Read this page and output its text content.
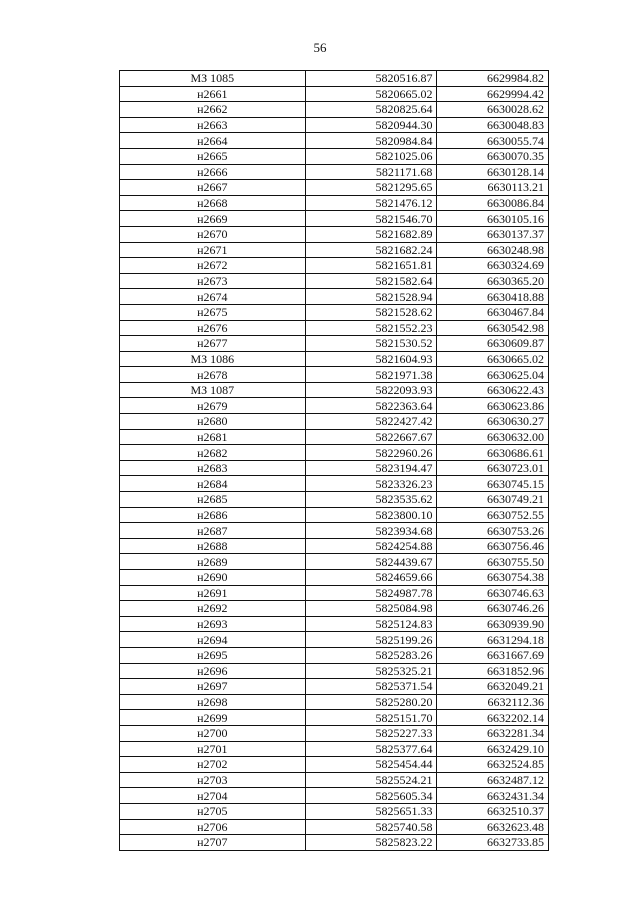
56
МЗ 1085	5820516.87	6629984.82
н2661	5820665.02	6629994.42
н2662	5820825.64	6630028.62
н2663	5820944.30	6630048.83
н2664	5820984.84	6630055.74
н2665	5821025.06	6630070.35
н2666	5821171.68	6630128.14
н2667	5821295.65	6630113.21
н2668	5821476.12	6630086.84
н2669	5821546.70	6630105.16
н2670	5821682.89	6630137.37
н2671	5821682.24	6630248.98
н2672	5821651.81	6630324.69
н2673	5821582.64	6630365.20
н2674	5821528.94	6630418.88
н2675	5821528.62	6630467.84
н2676	5821552.23	6630542.98
н2677	5821530.52	6630609.87
МЗ 1086	5821604.93	6630665.02
н2678	5821971.38	6630625.04
МЗ 1087	5822093.93	6630622.43
н2679	5822363.64	6630623.86
н2680	5822427.42	6630630.27
н2681	5822667.67	6630632.00
н2682	5822960.26	6630686.61
н2683	5823194.47	6630723.01
н2684	5823326.23	6630745.15
н2685	5823535.62	6630749.21
н2686	5823800.10	6630752.55
н2687	5823934.68	6630753.26
н2688	5824254.88	6630756.46
н2689	5824439.67	6630755.50
н2690	5824659.66	6630754.38
н2691	5824987.78	6630746.63
н2692	5825084.98	6630746.26
н2693	5825124.83	6630939.90
н2694	5825199.26	6631294.18
н2695	5825283.26	6631667.69
н2696	5825325.21	6631852.96
н2697	5825371.54	6632049.21
н2698	5825280.20	6632112.36
н2699	5825151.70	6632202.14
н2700	5825227.33	6632281.34
н2701	5825377.64	6632429.10
н2702	5825454.44	6632524.85
н2703	5825524.21	6632487.12
н2704	5825605.34	6632431.34
н2705	5825651.33	6632510.37
н2706	5825740.58	6632623.48
н2707	5825823.22	6632733.85
